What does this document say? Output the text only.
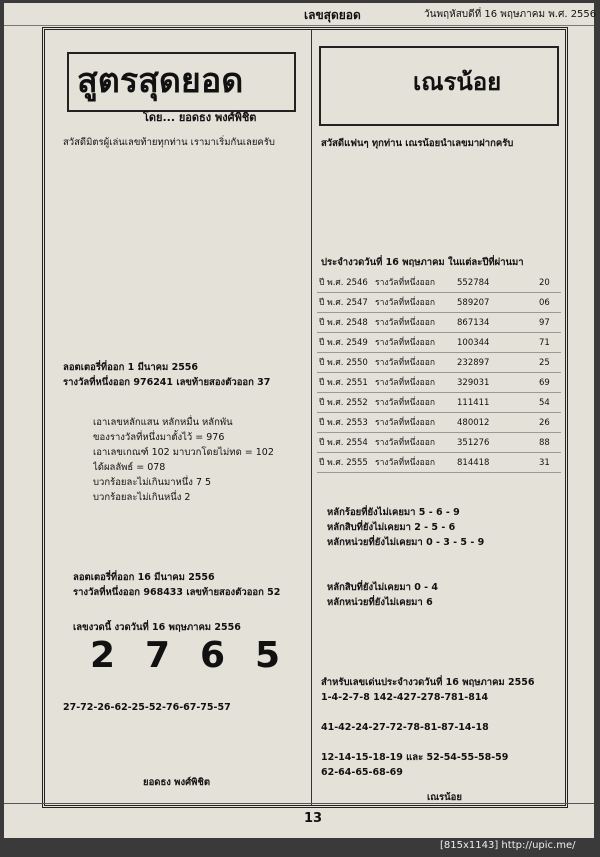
เลขสุดยอด	วันพฤหัสบดีที่ 16 พฤษภาคม พ.ศ. 2556
สูตรสุดยอด
โดย... ยอดธง พงศ์พิชิต
สวัสดีมิตรผู้เล่นเลขท้ายทุกท่าน เรามาเริ่มกันเลยครับ
ลอตเตอรี่ที่ออก 1 มีนาคม 2556
รางวัลที่หนึ่งออก 976241 เลขท้ายสองตัวออก 37
เอาเลขหลักแสน หลักหมื่น หลักพัน
ของรางวัลที่หนึ่งมาตั้งไว้ = 976
เอาเลขเกณฑ์ 102 มาบวกโดยไม่ทด = 102
ได้ผลลัพธ์ = 078
บวกร้อยละไม่เกินมาหนึ่ง 7 5
บวกร้อยละไม่เกินหนึ่ง 2
ลอตเตอรี่ที่ออก 16 มีนาคม 2556
รางวัลที่หนึ่งออก 968433 เลขท้ายสองตัวออก 52
เลขงวดนี้ งวดวันที่ 16 พฤษภาคม 2556
2 7 6 5
27-72-26-62-25-52-76-67-75-57
ยอดธง พงศ์พิชิต
เณรน้อย
สวัสดีแฟนๆ ทุกท่าน เณรน้อยนำเลขมาฝากครับ
ประจำงวดวันที่ 16 พฤษภาคม ในแต่ละปีที่ผ่านมา
ปี พ.ศ. 2546 รางวัลที่หนึ่งออก	552784	20
ปี พ.ศ. 2547 รางวัลที่หนึ่งออก	589207	06
ปี พ.ศ. 2548 รางวัลที่หนึ่งออก	867134	97
ปี พ.ศ. 2549 รางวัลที่หนึ่งออก	100344	71
ปี พ.ศ. 2550 รางวัลที่หนึ่งออก	232897	25
ปี พ.ศ. 2551 รางวัลที่หนึ่งออก	329031	69
ปี พ.ศ. 2552 รางวัลที่หนึ่งออก	111411	54
ปี พ.ศ. 2553 รางวัลที่หนึ่งออก	480012	26
ปี พ.ศ. 2554 รางวัลที่หนึ่งออก	351276	88
ปี พ.ศ. 2555 รางวัลที่หนึ่งออก	814418	31
หลักร้อยที่ยังไม่เคยมา 5 - 6 - 9
หลักสิบที่ยังไม่เคยมา 2 - 5 - 6
หลักหน่วยที่ยังไม่เคยมา 0 - 3 - 5 - 9
หลักสิบที่ยังไม่เคยมา 0 - 4
หลักหน่วยที่ยังไม่เคยมา 6
สำหรับเลขเด่นประจำงวดวันที่ 16 พฤษภาคม 2556
1-4-2-7-8 142-427-278-781-814
41-42-24-27-72-78-81-87-14-18
12-14-15-18-19 และ 52-54-55-58-59
62-64-65-68-69
เณรน้อย
13
[815x1143] http://upic.me/
